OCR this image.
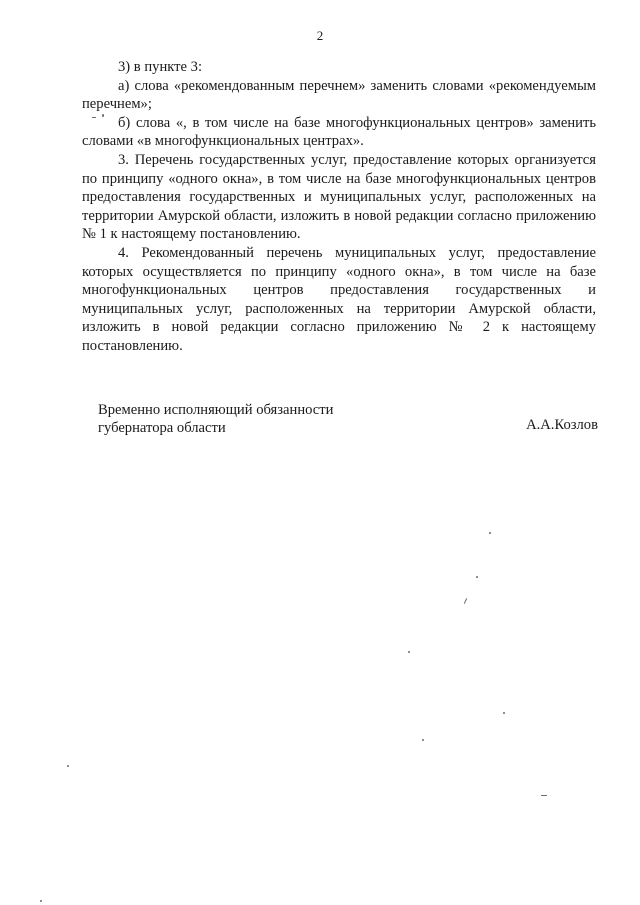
2

3) в пункте 3:

а) слова «рекомендованным перечнем» заменить словами «рекомендуемым перечнем»;

б) слова «, в том числе на базе многофункциональных центров» заменить словами «в многофункциональных центрах».

3. Перечень государственных услуг, предоставление которых организуется по принципу «одного окна», в том числе на базе многофункциональных центров предоставления государственных и муниципальных услуг, расположенных на территории Амурской области, изложить в новой редакции согласно приложению № 1 к настоящему постановлению.

4. Рекомендованный перечень муниципальных услуг, предоставление которых осуществляется по принципу «одного окна», в том числе на базе многофункциональных центров предоставления государственных и муниципальных услуг, расположенных на территории Амурской области, изложить в новой редакции согласно приложению № 2 к настоящему постановлению.

Временно исполняющий обязанности
губернатора области	А.А.Козлов
